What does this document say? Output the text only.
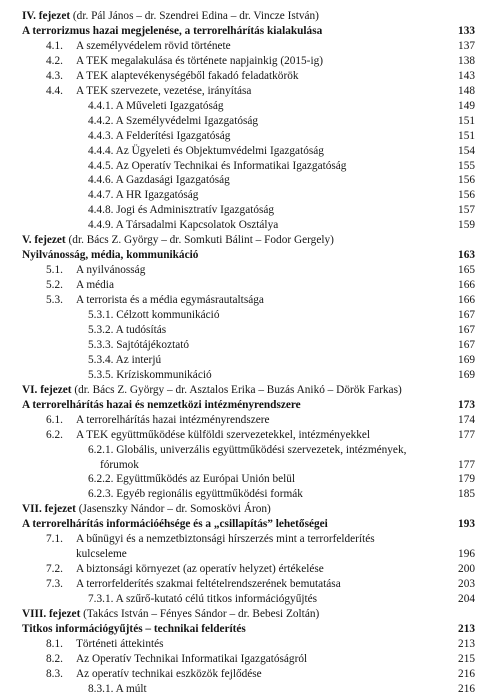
IV. fejezet (dr. Pál János – dr. Szendrei Edina – dr. Vincze István)
A terrorizmus hazai megjelenése, a terrorelhárítás kialakulása	133
4.1. A személyvédelem rövid története	137
4.2. A TEK megalakulása és története napjainkig (2015-ig)	138
4.3. A TEK alaptevékenységéből fakadó feladatkörök	143
4.4. A TEK szervezete, vezetése, irányítása	148
4.4.1. A Műveleti Igazgatóság	149
4.4.2. A Személyvédelmi Igazgatóság	151
4.4.3. A Felderítési Igazgatóság	151
4.4.4. Az Ügyeleti és Objektumvédelmi Igazgatóság	154
4.4.5. Az Operatív Technikai és Informatikai Igazgatóság	155
4.4.6. A Gazdasági Igazgatóság	156
4.4.7. A HR Igazgatóság	156
4.4.8. Jogi és Adminisztratív Igazgatóság	157
4.4.9. A Társadalmi Kapcsolatok Osztálya	159
V. fejezet (dr. Bács Z. György – dr. Somkuti Bálint – Fodor Gergely)
Nyilvánosság, média, kommunikáció	163
5.1. A nyilvánosság	165
5.2. A média	166
5.3. A terrorista és a média egymásrautaltsága	166
5.3.1. Célzott kommunikáció	167
5.3.2. A tudósítás	167
5.3.3. Sajtótájékoztató	167
5.3.4. Az interjú	169
5.3.5. Kríziskommunikáció	169
VI. fejezet (dr. Bács Z. György – dr. Asztalos Erika – Buzás Anikó – Dörök Farkas)
A terrorelhárítás hazai és nemzetközi intézményrendszere	173
6.1. A terrorelhárítás hazai intézményrendszere	174
6.2. A TEK együttműködése külföldi szervezetekkel, intézményekkel	177
6.2.1. Globális, univerzális együttműködési szervezetek, intézmények,
fórumok	177
6.2.2. Együttműködés az Európai Unión belül	179
6.2.3. Egyéb regionális együttműködési formák	185
VII. fejezet (Jasenszky Nándor – dr. Somoskövi Áron)
A terrorelhárítás információéhsége és a „csillapítás” lehetőségei	193
7.1. A bűnügyi és a nemzetbiztonsági hírszerzés mint a terrorfelderítés
kulcseleme	196
7.2. A biztonsági környezet (az operatív helyzet) értékelése	200
7.3. A terrorfelderítés szakmai feltételrendszerének bemutatása	203
7.3.1. A szűrő-kutató célú titkos információgyűjtés	204
VIII. fejezet (Takács István – Fényes Sándor – dr. Bebesi Zoltán)
Titkos információgyűjtés – technikai felderítés	213
8.1. Történeti áttekintés	213
8.2. Az Operatív Technikai Informatikai Igazgatóságról	215
8.3. Az operatív technikai eszközök fejlődése	216
8.3.1. A múlt	216
